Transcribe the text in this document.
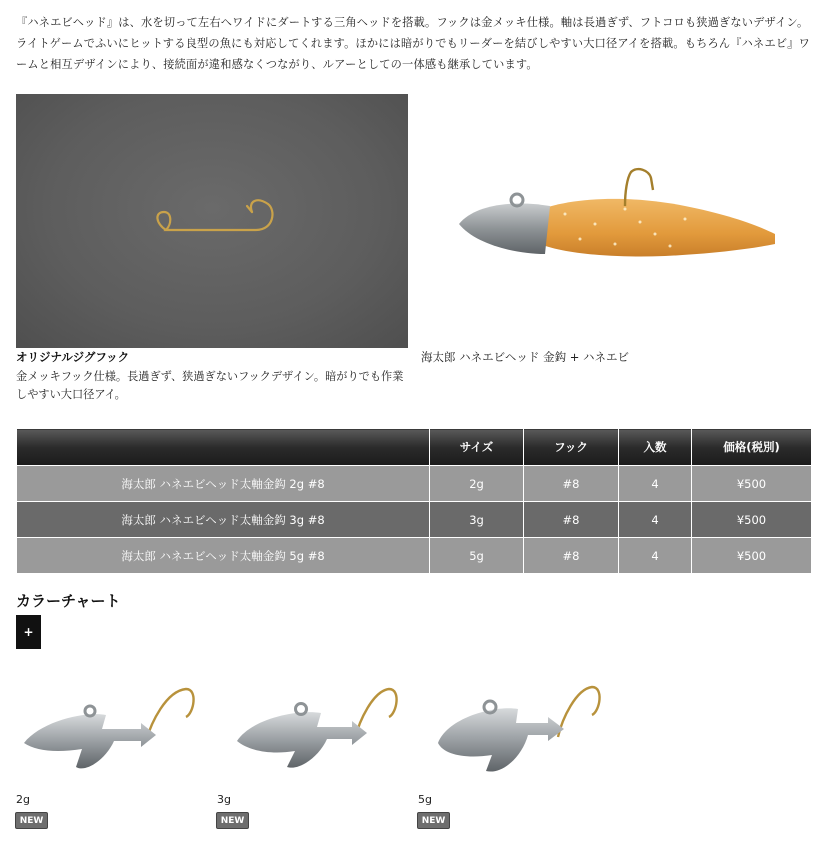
『ハネエビヘッド』は、水を切って左右へワイドにダートする三角ヘッドを搭載。フックは金メッキ仕様。軸は長過ぎず、フトコロも狭過ぎないデザイン。ライトゲームでふいにヒットする良型の魚にも対応してくれます。ほかには暗がりでもリーダーを結びしやすい大口径アイを搭載。もちろん『ハネエビ』ワームと相互デザインにより、接続面が違和感なくつながり、ルアーとしての一体感も継承しています。
オリジナルジグフック
金メッキフック仕様。長過ぎず、狭過ぎないフックデザイン。暗がりでも作業しやすい大口径アイ。
海太郎 ハネエビヘッド 金鈎 + ハネエビ
	サイズ	フック	入数	価格(税別)
海太郎 ハネエビヘッド太軸金鈎 2g #8	2g	#8	4	¥500
海太郎 ハネエビヘッド太軸金鈎 3g #8	3g	#8	4	¥500
海太郎 ハネエビヘッド太軸金鈎 5g #8	5g	#8	4	¥500
カラーチャート
+
2g
NEW
3g
NEW
5g
NEW
